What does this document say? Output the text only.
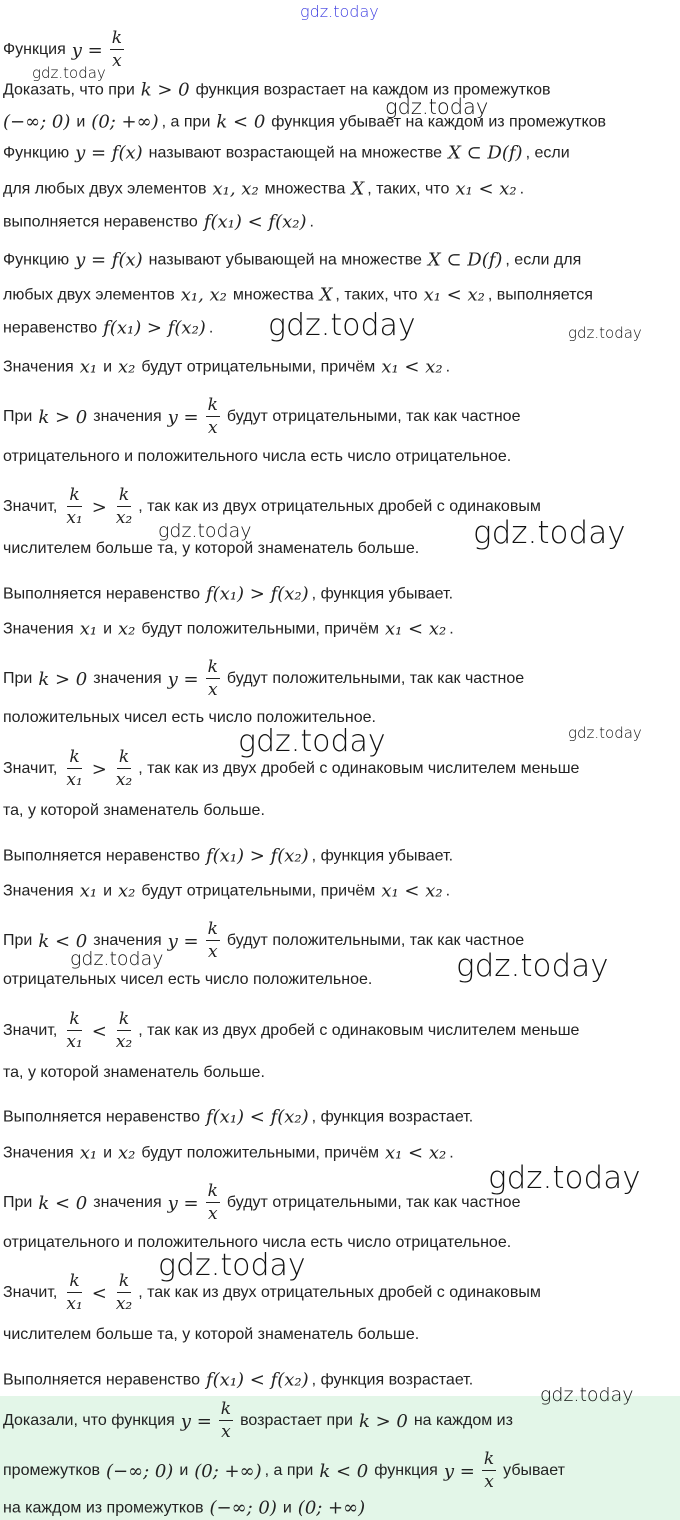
Функция $y = \frac{k}{x}$
Доказать, что при k > 0 функция возрастает на каждом из промежутков
(−∞; 0) и (0; +∞) , а при k < 0 функция убывает на каждом из промежутков
Функцию y = f(x) называют возрастающей на множестве X ⊂ D(f) , если
для любых двух элементов x₁, x₂ множества X , таких, что x₁ < x₂ .
выполняется неравенство f(x₁) < f(x₂) .
Функцию y = f(x) называют убывающей на множестве X ⊂ D(f) , если для
любых двух элементов x₁, x₂ множества X , таких, что x₁ < x₂ , выполняется
неравенство f(x₁) > f(x₂) .
Значения x₁ и x₂ будут отрицательными, причём x₁ < x₂ .
При k > 0 значения $y = \frac{k}{x}$ будут отрицательными, так как частное
отрицательного и положительного числа есть число отрицательное.
Значит, $\frac{k}{\text{x₁}} > \frac{k}{\text{x₂}}$ , так как из двух отрицательных дробей с одинаковым
числителем больше та, у которой знаменатель больше.
Выполняется неравенство f(x₁) > f(x₂) , функция убывает.
Значения x₁ и x₂ будут положительными, причём x₁ < x₂ .
При k > 0 значения $y = \frac{k}{x}$ будут положительными, так как частное
положительных чисел есть число положительное.
Значит, $\frac{k}{\text{x₁}} > \frac{k}{\text{x₂}}$ , так как из двух дробей с одинаковым числителем меньше
та, у которой знаменатель больше.
Выполняется неравенство f(x₁) > f(x₂) , функция убывает.
Значения x₁ и x₂ будут отрицательными, причём x₁ < x₂ .
При k < 0 значения $y = \frac{k}{x}$ будут положительными, так как частное
отрицательных чисел есть число положительное.
Значит, $\frac{k}{\text{x₁}} < \frac{k}{\text{x₂}}$ , так как из двух дробей с одинаковым числителем меньше
та, у которой знаменатель больше.
Выполняется неравенство f(x₁) < f(x₂) , функция возрастает.
Значения x₁ и x₂ будут положительными, причём x₁ < x₂ .
При k < 0 значения $y = \frac{k}{x}$ будут отрицательными, так как частное
отрицательного и положительного числа есть число отрицательное.
Значит, $\frac{k}{\text{x₁}} < \frac{k}{\text{x₂}}$ , так как из двух отрицательных дробей с одинаковым
числителем больше та, у которой знаменатель больше.
Выполняется неравенство f(x₁) < f(x₂) , функция возрастает.
Доказали, что функция $y = \frac{k}{x}$ возрастает при k > 0 на каждом из
промежутков (−∞; 0) и (0; +∞) , а при k < 0 функция $y = \frac{k}{x}$ убывает
на каждом из промежутков (−∞; 0) и (0; +∞)
gdz.today
gdz.today
gdz.today
gdz.today	gdz.today
gdz.today	gdz.today
gdz.today	gdz.today
gdz.today	gdz.today
gdz.today
gdz.today
gdz.today
